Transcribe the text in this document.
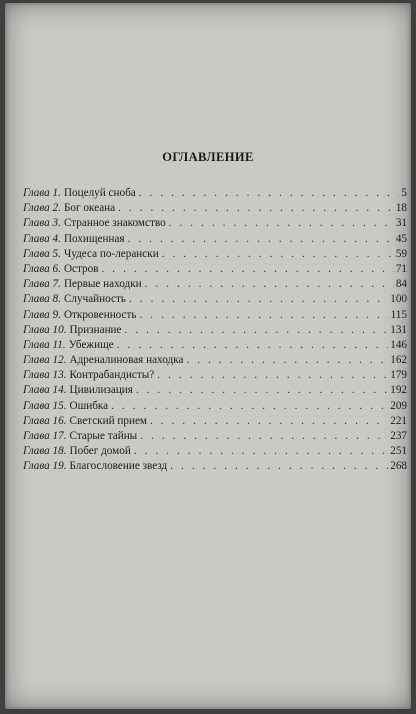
ОГЛАВЛЕНИЕ
Глава 1. Поцелуй сноба . . .	5
Глава 2. Бог океана . . .	18
Глава 3. Странное знакомство . . .	31
Глава 4. Похищенная . . .	45
Глава 5. Чудеса по-лерански . . .	59
Глава 6. Остров . . .	71
Глава 7. Первые находки . . .	84
Глава 8. Случайность . . .	100
Глава 9. Откровенность . . .	115
Глава 10. Признание . . .	131
Глава 11. Убежище . . .	146
Глава 12. Адреналиновая находка . . .	162
Глава 13. Контрабандисты? . . .	179
Глава 14. Цивилизация . . .	192
Глава 15. Ошибка . . .	209
Глава 16. Светский прием . . .	221
Глава 17. Старые тайны . . .	237
Глава 18. Побег домой . . .	251
Глава 19. Благословение звезд . . .	268
